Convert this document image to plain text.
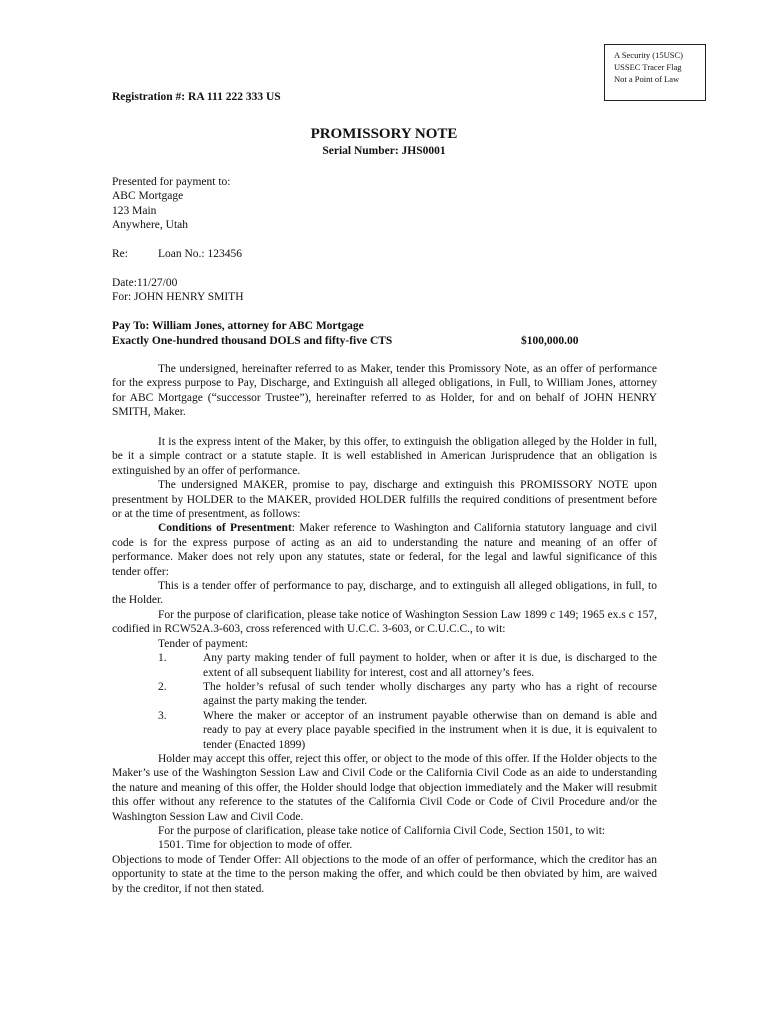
A Security (15USC)
USSEC Tracer Flag
Not a Point of Law
Registration #: RA 111 222 333 US
PROMISSORY NOTE
Serial Number: JHS0001
Presented for payment to:
ABC Mortgage
123 Main
Anywhere, Utah
Re:	Loan No.: 123456
Date:11/27/00
For: JOHN HENRY SMITH
Pay To: William Jones, attorney for ABC Mortgage
Exactly One-hundred thousand DOLS and fifty-five CTS	$100,000.00

The undersigned, hereinafter referred to as Maker, tender this Promissory Note, as an offer of performance for the express purpose to Pay, Discharge, and Extinguish all alleged obligations, in Full, to William Jones, attorney for ABC Mortgage (“successor Trustee”), hereinafter referred to as Holder, for and on behalf of JOHN HENRY SMITH, Maker.

It is the express intent of the Maker, by this offer, to extinguish the obligation alleged by the Holder in full, be it a simple contract or a statute staple. It is well established in American Jurisprudence that an obligation is extinguished by an offer of performance.

The undersigned MAKER, promise to pay, discharge and extinguish this PROMISSORY NOTE upon presentment by HOLDER to the MAKER, provided HOLDER fulfills the required conditions of presentment before or at the time of presentment, as follows:

Conditions of Presentment: Maker reference to Washington and California statutory language and civil code is for the express purpose of acting as an aid to understanding the nature and meaning of an offer of performance. Maker does not rely upon any statutes, state or federal, for the legal and lawful significance of this tender offer:

This is a tender offer of performance to pay, discharge, and to extinguish all alleged obligations, in full, to the Holder.

For the purpose of clarification, please take notice of Washington Session Law 1899 c 149; 1965 ex.s c 157, codified in RCW52A.3-603, cross referenced with U.C.C. 3-603, or C.U.C.C., to wit:

Tender of payment:

1.	Any party making tender of full payment to holder, when or after it is due, is discharged to the extent of all subsequent liability for interest, cost and all attorney’s fees.
2.	The holder’s refusal of such tender wholly discharges any party who has a right of recourse against the party making the tender.
3.	Where the maker or acceptor of an instrument payable otherwise than on demand is able and ready to pay at every place payable specified in the instrument when it is due, it is equivalent to tender (Enacted 1899)

Holder may accept this offer, reject this offer, or object to the mode of this offer. If the Holder objects to the Maker’s use of the Washington Session Law and Civil Code or the California Civil Code as an aide to understanding the nature and meaning of this offer, the Holder should lodge that objection immediately and the Maker will resubmit this offer without any reference to the statutes of the California Civil Code or Code of Civil Procedure and/or the Washington Session Law and Civil Code.

For the purpose of clarification, please take notice of California Civil Code, Section 1501, to wit:

1501. Time for objection to mode of offer.

Objections to mode of Tender Offer: All objections to the mode of an offer of performance, which the creditor has an opportunity to state at the time to the person making the offer, and which could be then obviated by him, are waived by the creditor, if not then stated.
